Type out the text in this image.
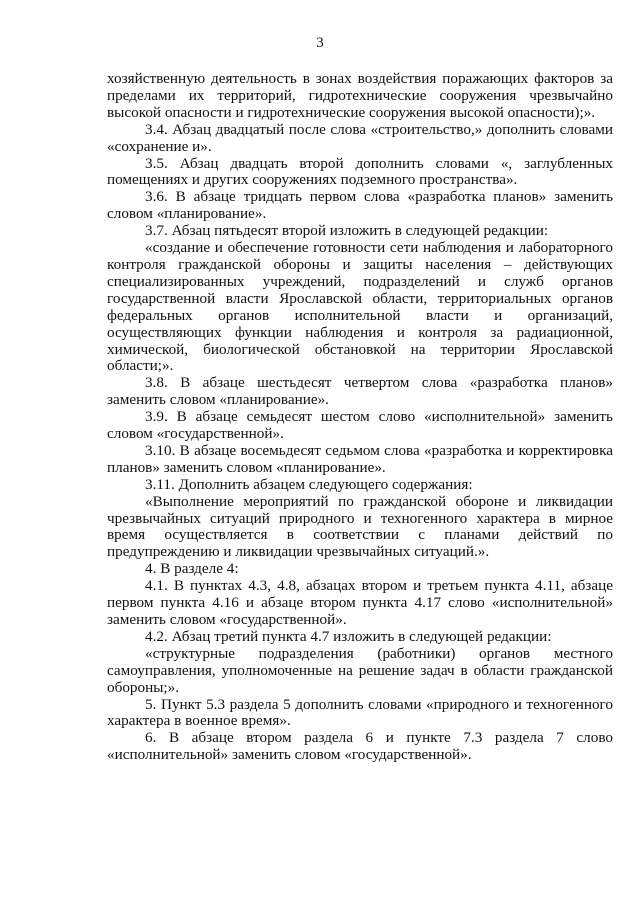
3

хозяйственную деятельность в зонах воздействия поражающих факторов за пределами их территорий, гидротехнические сооружения чрезвычайно высокой опасности и гидротехнические сооружения высокой опасности);».

3.4. Абзац двадцатый после слова «строительство,» дополнить словами «сохранение и».

3.5. Абзац двадцать второй дополнить словами «, заглубленных помещениях и других сооружениях подземного пространства».

3.6. В абзаце тридцать первом слова «разработка планов» заменить словом «планирование».

3.7. Абзац пятьдесят второй изложить в следующей редакции:

«создание и обеспечение готовности сети наблюдения и лабораторного контроля гражданской обороны и защиты населения – действующих специализированных учреждений, подразделений и служб органов государственной власти Ярославской области, территориальных органов федеральных органов исполнительной власти и организаций, осуществляющих функции наблюдения и контроля за радиационной, химической, биологической обстановкой на территории Ярославской области;».

3.8. В абзаце шестьдесят четвертом слова «разработка планов» заменить словом «планирование».

3.9. В абзаце семьдесят шестом слово «исполнительной» заменить словом «государственной».

3.10. В абзаце восемьдесят седьмом слова «разработка и корректировка планов» заменить словом «планирование».

3.11. Дополнить абзацем следующего содержания:

«Выполнение мероприятий по гражданской обороне и ликвидации чрезвычайных ситуаций природного и техногенного характера в мирное время осуществляется в соответствии с планами действий по предупреждению и ликвидации чрезвычайных ситуаций.».

4. В разделе 4:

4.1. В пунктах 4.3, 4.8, абзацах втором и третьем пункта 4.11, абзаце первом пункта 4.16 и абзаце втором пункта 4.17 слово «исполнительной» заменить словом «государственной».

4.2. Абзац третий пункта 4.7 изложить в следующей редакции:

«структурные подразделения (работники) органов местного самоуправления, уполномоченные на решение задач в области гражданской обороны;».

5. Пункт 5.3 раздела 5 дополнить словами «природного и техногенного характера в военное время».

6. В абзаце втором раздела 6 и пункте 7.3 раздела 7 слово «исполнительной» заменить словом «государственной».
